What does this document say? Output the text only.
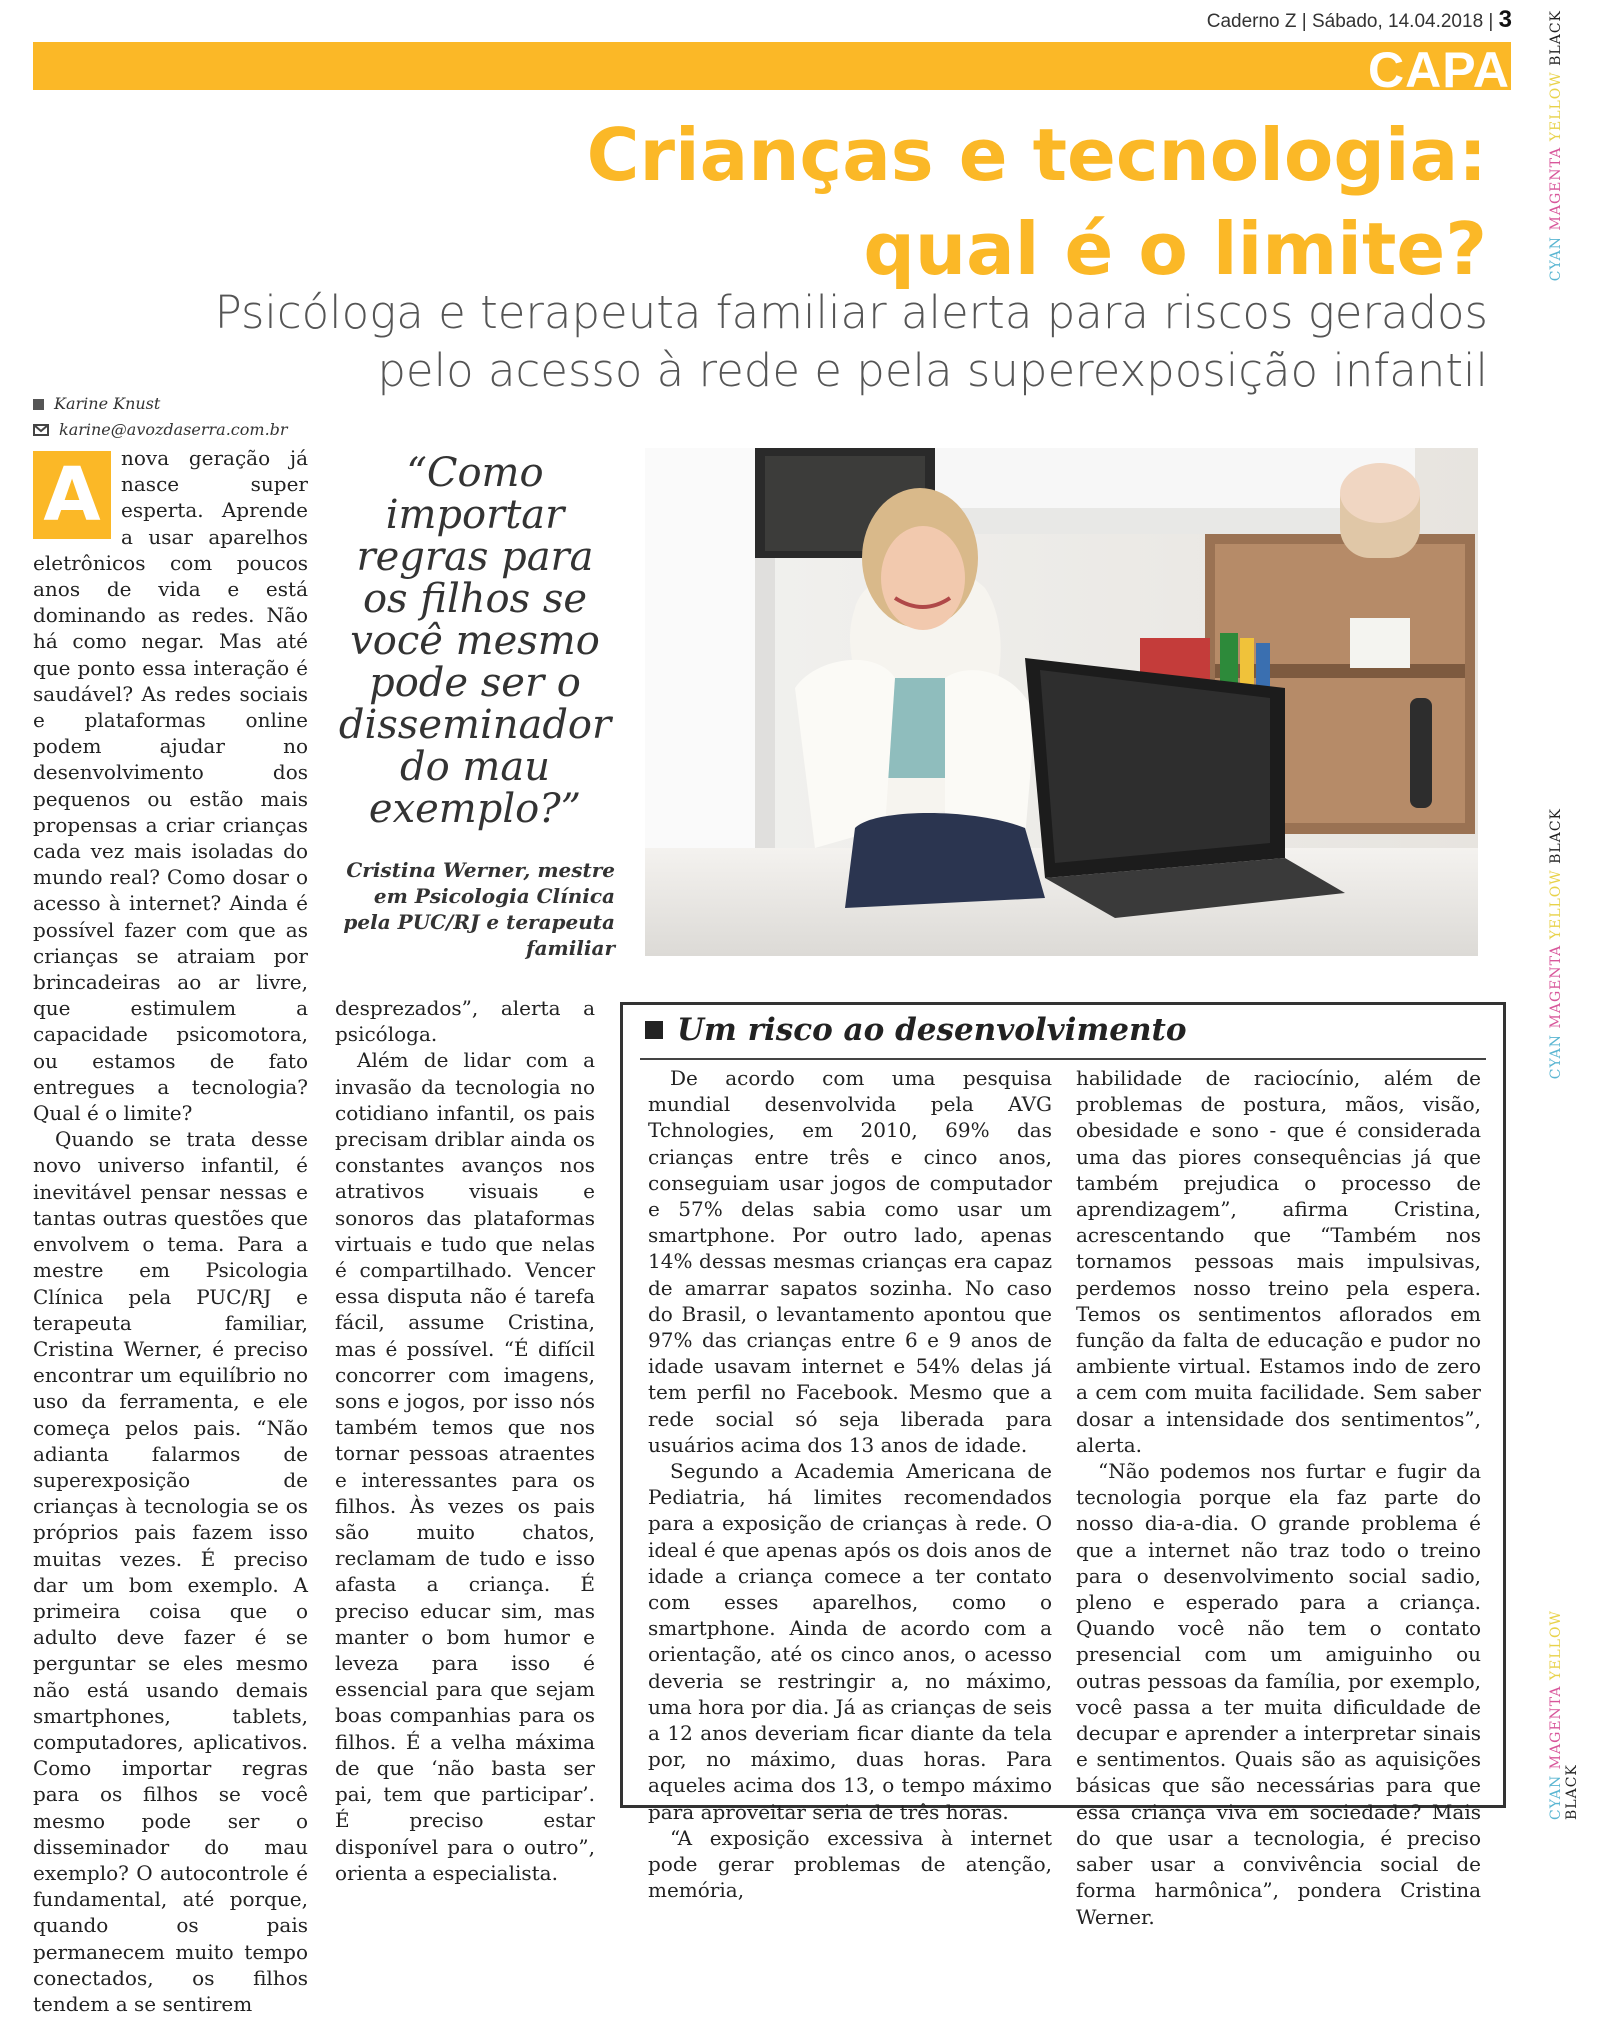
Caderno Z | Sábado, 14.04.2018 | 3
CAPA
Crianças e tecnologia:
qual é o limite?
Psicóloga e terapeuta familiar alerta para riscos gerados
pelo acesso à rede e pela superexposição infantil
Karine Knust
karine@avozdaserra.com.br
A	nova geração já nasce super esperta. Aprende a usar aparelhos eletrônicos com poucos anos de vida e está dominando as redes. Não há como negar. Mas até que ponto essa interação é saudável? As redes sociais e plataformas online podem ajudar no desenvolvimento dos pequenos ou estão mais propensas a criar crianças cada vez mais isoladas do mundo real? Como dosar o acesso à internet? Ainda é possível fazer com que as crianças se atraiam por brincadeiras ao ar livre, que estimulem a capacidade psicomotora, ou estamos de fato entregues a tecnologia? Qual é o limite?

Quando se trata desse novo universo infantil, é inevitável pensar nessas e tantas outras questões que envolvem o tema. Para a mestre em Psicologia Clínica pela PUC/RJ e terapeuta familiar, Cristina Werner, é preciso encontrar um equilíbrio no uso da ferramenta, e ele começa pelos pais. “Não adianta falarmos de superexposição de crianças à tecnologia se os próprios pais fazem isso muitas vezes. É preciso dar um bom exemplo. A primeira coisa que o adulto deve fazer é se perguntar se eles mesmo não está usando demais smartphones, tablets, computadores, aplicativos. Como importar regras para os filhos se você mesmo pode ser o disseminador do mau exemplo? O autocontrole é fundamental, até porque, quando os pais permanecem muito tempo conectados, os filhos tendem a se sentirem

“Como importar regras para os filhos se você mesmo pode ser o disseminador do mau exemplo?”
Cristina Werner, mestre em Psicologia Clínica pela PUC/RJ e terapeuta familiar

desprezados”, alerta a psicóloga.

Além de lidar com a invasão da tecnologia no cotidiano infantil, os pais precisam driblar ainda os constantes avanços nos atrativos visuais e sonoros das plataformas virtuais e tudo que nelas é compartilhado. Vencer essa disputa não é tarefa fácil, assume Cristina, mas é possível. “É difícil concorrer com imagens, sons e jogos, por isso nós também temos que nos tornar pessoas atraentes e interessantes para os filhos. Às vezes os pais são muito chatos, reclamam de tudo e isso afasta a criança. É preciso educar sim, mas manter o bom humor e leveza para isso é essencial para que sejam boas companhias para os filhos. É a velha máxima de que ‘não basta ser pai, tem que participar’. É preciso estar disponível para o outro”, orienta a especialista.

Um risco ao desenvolvimento

De acordo com uma pesquisa mundial desenvolvida pela AVG Tchnologies, em 2010, 69% das crianças entre três e cinco anos, conseguiam usar jogos de computador e 57% delas sabia como usar um smartphone. Por outro lado, apenas 14% dessas mesmas crianças era capaz de amarrar sapatos sozinha. No caso do Brasil, o levantamento apontou que 97% das crianças entre 6 e 9 anos de idade usavam internet e 54% delas já tem perfil no Facebook. Mesmo que a rede social só seja liberada para usuários acima dos 13 anos de idade.

Segundo a Academia Americana de Pediatria, há limites recomendados para a exposição de crianças à rede. O ideal é que apenas após os dois anos de idade a criança comece a ter contato com esses aparelhos, como o smartphone. Ainda de acordo com a orientação, até os cinco anos, o acesso deveria se restringir a, no máximo, uma hora por dia. Já as crianças de seis a 12 anos deveriam ficar diante da tela por, no máximo, duas horas. Para aqueles acima dos 13, o tempo máximo para aproveitar seria de três horas.

“A exposição excessiva à internet pode gerar problemas de atenção, memória,

habilidade de raciocínio, além de problemas de postura, mãos, visão, obesidade e sono - que é considerada uma das piores consequências já que também prejudica o processo de aprendizagem”, afirma Cristina, acrescentando que “Também nos tornamos pessoas mais impulsivas, perdemos nosso treino pela espera. Temos os sentimentos aflorados em função da falta de educação e pudor no ambiente virtual. Estamos indo de zero a cem com muita facilidade. Sem saber dosar a intensidade dos sentimentos”, alerta.

“Não podemos nos furtar e fugir da tecnologia porque ela faz parte do nosso dia-a-dia. O grande problema é que a internet não traz todo o treino para o desenvolvimento social sadio, pleno e esperado para a criança. Quando você não tem o contato presencial com um amiguinho ou outras pessoas da família, por exemplo, você passa a ter muita dificuldade de decupar e aprender a interpretar sinais e sentimentos. Quais são as aquisições básicas que são necessárias para que essa criança viva em sociedade? Mais do que usar a tecnologia, é preciso saber usar a convivência social de forma harmônica”, pondera Cristina Werner.

CYAN MAGENTA YELLOW BLACK
CYAN MAGENTA YELLOW BLACK
CYAN MAGENTA YELLOW BLACK
